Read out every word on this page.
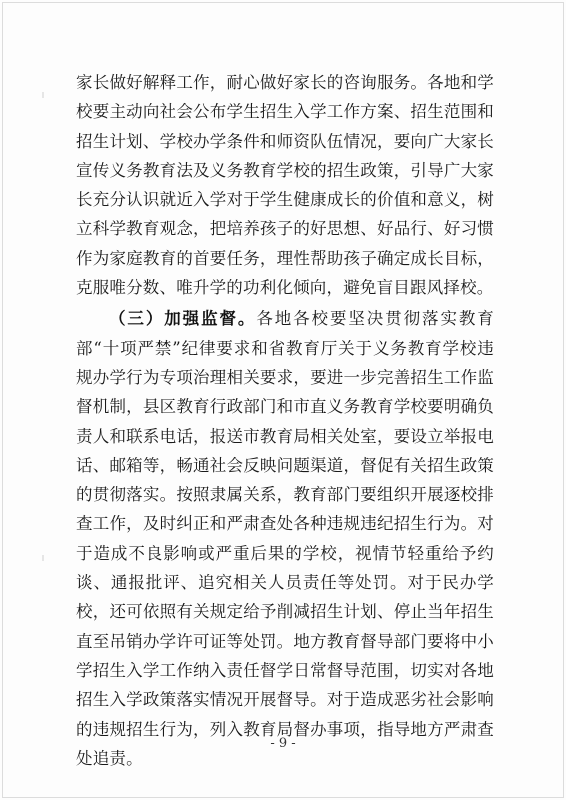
家长做好解释工作，耐心做好家长的咨询服务。各地和学校要主动向社会公布学生招生入学工作方案、招生范围和招生计划、学校办学条件和师资队伍情况，要向广大家长宣传义务教育法及义务教育学校的招生政策，引导广大家长充分认识就近入学对于学生健康成长的价值和意义，树立科学教育观念，把培养孩子的好思想、好品行、好习惯作为家庭教育的首要任务，理性帮助孩子确定成长目标，克服唯分数、唯升学的功利化倾向，避免盲目跟风择校。

（三）加强监督。各地各校要坚决贯彻落实教育部“十项严禁”纪律要求和省教育厅关于义务教育学校违规办学行为专项治理相关要求，要进一步完善招生工作监督机制，县区教育行政部门和市直义务教育学校要明确负责人和联系电话，报送市教育局相关处室，要设立举报电话、邮箱等，畅通社会反映问题渠道，督促有关招生政策的贯彻落实。按照隶属关系，教育部门要组织开展逐校排查工作，及时纠正和严肃查处各种违规违纪招生行为。对于造成不良影响或严重后果的学校，视情节轻重给予约谈、通报批评、追究相关人员责任等处罚。对于民办学校，还可依照有关规定给予削减招生计划、停止当年招生直至吊销办学许可证等处罚。地方教育督导部门要将中小学招生入学工作纳入责任督学日常督导范围，切实对各地招生入学政策落实情况开展督导。对于造成恶劣社会影响的违规招生行为，列入教育局督办事项，指导地方严肃查处追责。

- 9 -
